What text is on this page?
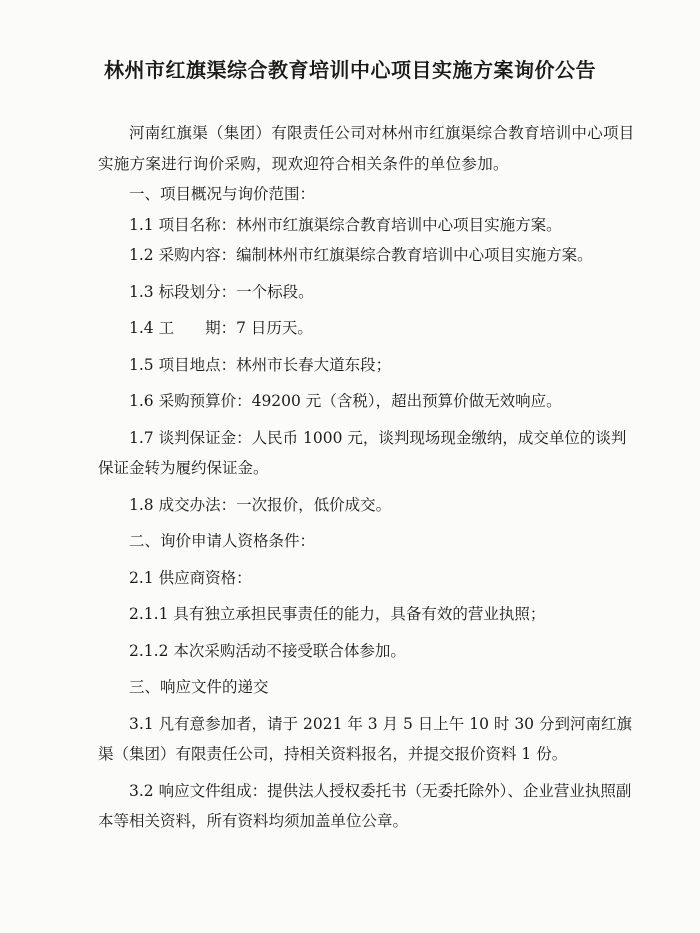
林州市红旗渠综合教育培训中心项目实施方案询价公告

河南红旗渠（集团）有限责任公司对林州市红旗渠综合教育培训中心项目实施方案进行询价采购，现欢迎符合相关条件的单位参加。

一、项目概况与询价范围：

1.1 项目名称：林州市红旗渠综合教育培训中心项目实施方案。

1.2 采购内容：编制林州市红旗渠综合教育培训中心项目实施方案。

1.3 标段划分：一个标段。

1.4 工　　期：7 日历天。

1.5 项目地点：林州市长春大道东段；

1.6 采购预算价：49200 元（含税），超出预算价做无效响应。

1.7 谈判保证金：人民币 1000 元，谈判现场现金缴纳，成交单位的谈判保证金转为履约保证金。

1.8 成交办法：一次报价，低价成交。

二、询价申请人资格条件：

2.1 供应商资格：

2.1.1 具有独立承担民事责任的能力，具备有效的营业执照；

2.1.2 本次采购活动不接受联合体参加。

三、响应文件的递交

3.1 凡有意参加者，请于 2021 年 3 月 5 日上午 10 时 30 分到河南红旗渠（集团）有限责任公司，持相关资料报名，并提交报价资料 1 份。

3.2 响应文件组成：提供法人授权委托书（无委托除外）、企业营业执照副本等相关资料，所有资料均须加盖单位公章。
